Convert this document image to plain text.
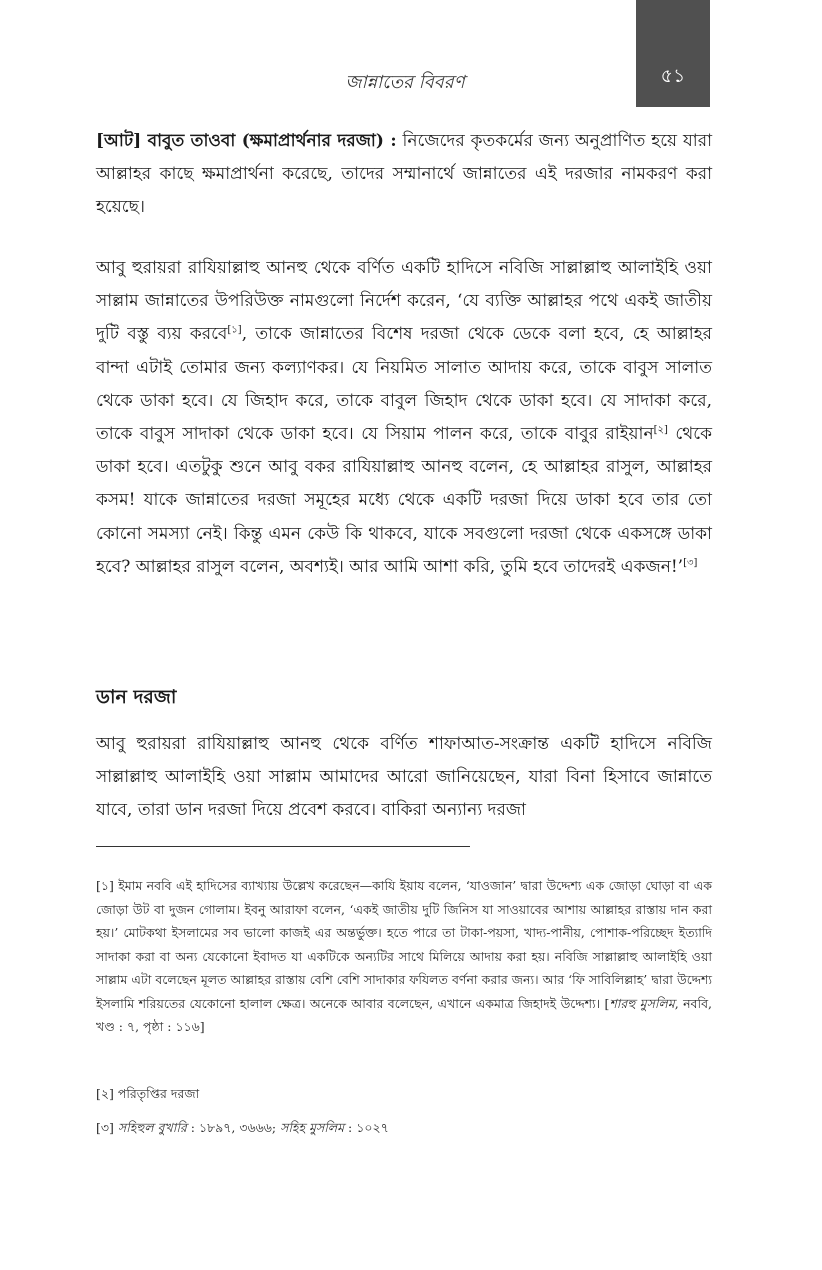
৫১
জান্নাতের বিবরণ

[আট] বাবুত তাওবা (ক্ষমাপ্রার্থনার দরজা) : নিজেদের কৃতকর্মের জন্য অনুপ্রাণিত হয়ে যারা আল্লাহর কাছে ক্ষমাপ্রার্থনা করেছে, তাদের সম্মানার্থে জান্নাতের এই দরজার নামকরণ করা হয়েছে।

আবু হুরায়রা রাযিয়াল্লাহু আনহু থেকে বর্ণিত একটি হাদিসে নবিজি সাল্লাল্লাহু আলাইহি ওয়া সাল্লাম জান্নাতের উপরিউক্ত নামগুলো নির্দেশ করেন, ‘যে ব্যক্তি আল্লাহর পথে একই জাতীয় দুটি বস্তু ব্যয় করবে[১], তাকে জান্নাতের বিশেষ দরজা থেকে ডেকে বলা হবে, হে আল্লাহর বান্দা এটাই তোমার জন্য কল্যাণকর। যে নিয়মিত সালাত আদায় করে, তাকে বাবুস সালাত থেকে ডাকা হবে। যে জিহাদ করে, তাকে বাবুল জিহাদ থেকে ডাকা হবে। যে সাদাকা করে, তাকে বাবুস সাদাকা থেকে ডাকা হবে। যে সিয়াম পালন করে, তাকে বাবুর রাইয়ান[২] থেকে ডাকা হবে। এতটুকু শুনে আবু বকর রাযিয়াল্লাহু আনহু বলেন, হে আল্লাহর রাসুল, আল্লাহর কসম! যাকে জান্নাতের দরজা সমূহের মধ্যে থেকে একটি দরজা দিয়ে ডাকা হবে তার তো কোনো সমস্যা নেই। কিন্তু এমন কেউ কি থাকবে, যাকে সবগুলো দরজা থেকে একসঙ্গে ডাকা হবে? আল্লাহর রাসুল বলেন, অবশ্যই। আর আমি আশা করি, তুমি হবে তাদেরই একজন!’[৩]

ডান দরজা

আবু হুরায়রা রাযিয়াল্লাহু আনহু থেকে বর্ণিত শাফাআত-সংক্রান্ত একটি হাদিসে নবিজি সাল্লাল্লাহু আলাইহি ওয়া সাল্লাম আমাদের আরো জানিয়েছেন, যারা বিনা হিসাবে জান্নাতে যাবে, তারা ডান দরজা দিয়ে প্রবেশ করবে। বাকিরা অন্যান্য দরজা

[১] ইমাম নববি এই হাদিসের ব্যাখ্যায় উল্লেখ করেছেন—কাযি ইয়ায বলেন, ‘যাওজান’ দ্বারা উদ্দেশ্য এক জোড়া ঘোড়া বা এক জোড়া উট বা দুজন গোলাম। ইবনু আরাফা বলেন, ‘একই জাতীয় দুটি জিনিস যা সাওয়াবের আশায় আল্লাহর রাস্তায় দান করা হয়।’ মোটকথা ইসলামের সব ভালো কাজই এর অন্তর্ভুক্ত। হতে পারে তা টাকা-পয়সা, খাদ্য-পানীয়, পোশাক-পরিচ্ছেদ ইত্যাদি সাদাকা করা বা অন্য যেকোনো ইবাদত যা একটিকে অন্যটির সাথে মিলিয়ে আদায় করা হয়। নবিজি সাল্লাল্লাহু আলাইহি ওয়া সাল্লাম এটা বলেছেন মূলত আল্লাহর রাস্তায় বেশি বেশি সাদাকার ফযিলত বর্ণনা করার জন্য। আর ‘ফি সাবিলিল্লাহ’ দ্বারা উদ্দেশ্য ইসলামি শরিয়তের যেকোনো হালাল ক্ষেত্র। অনেকে আবার বলেছেন, এখানে একমাত্র জিহাদই উদ্দেশ্য। [শারহু মুসলিম, নববি, খণ্ড : ৭, পৃষ্ঠা : ১১৬]

[২] পরিতৃপ্তির দরজা

[৩] সহিহুল বুখারি : ১৮৯৭, ৩৬৬৬; সহিহ মুসলিম : ১০২৭
